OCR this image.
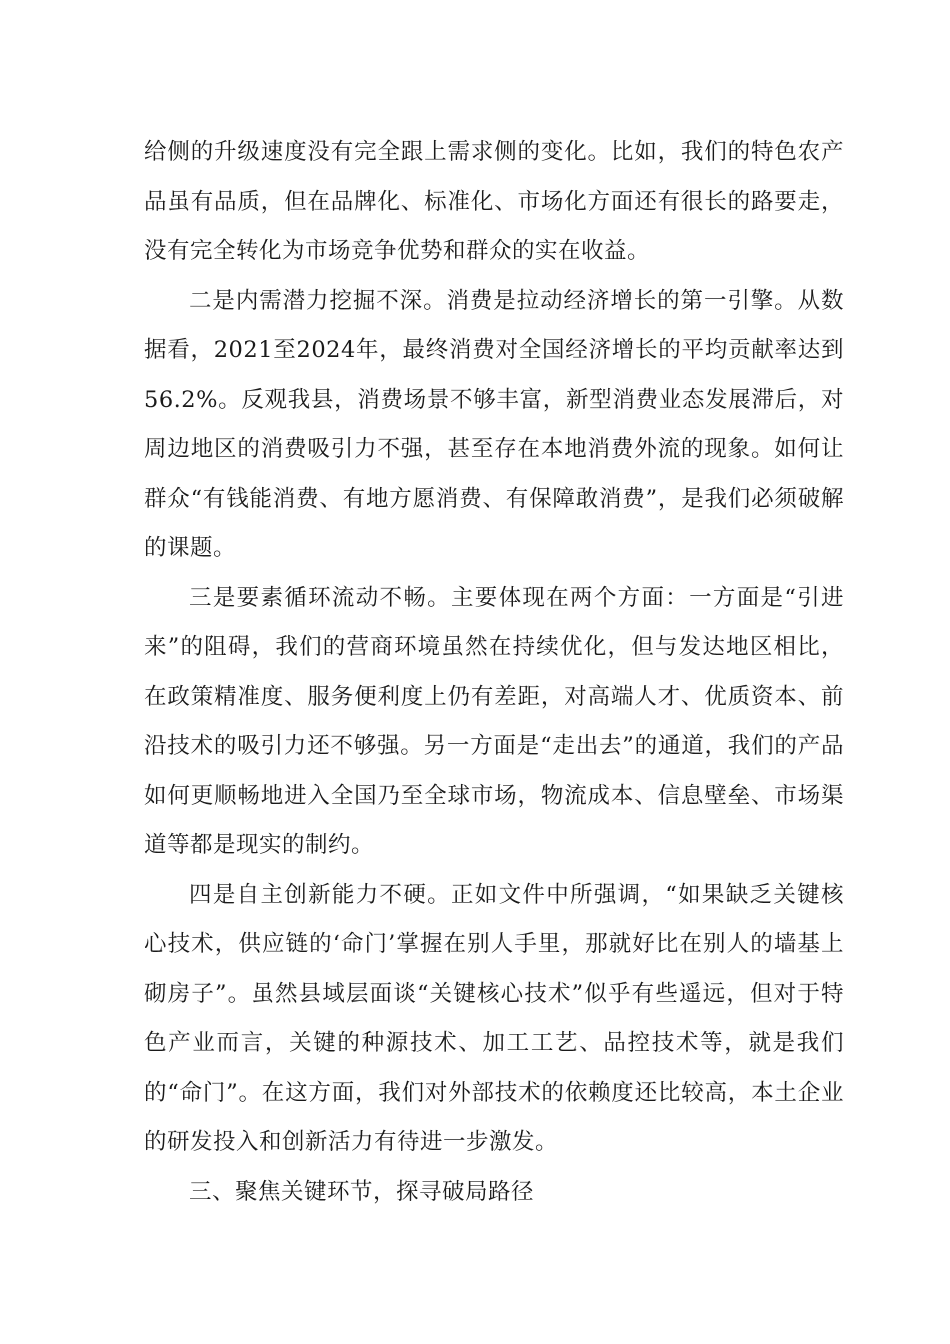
给侧的升级速度没有完全跟上需求侧的变化。比如，我们的特色农产品虽有品质，但在品牌化、标准化、市场化方面还有很长的路要走，没有完全转化为市场竞争优势和群众的实在收益。

二是内需潜力挖掘不深。消费是拉动经济增长的第一引擎。从数据看，2021至2024年，最终消费对全国经济增长的平均贡献率达到56.2%。反观我县，消费场景不够丰富，新型消费业态发展滞后，对周边地区的消费吸引力不强，甚至存在本地消费外流的现象。如何让群众“有钱能消费、有地方愿消费、有保障敢消费”，是我们必须破解的课题。

三是要素循环流动不畅。主要体现在两个方面：一方面是“引进来”的阻碍，我们的营商环境虽然在持续优化，但与发达地区相比，在政策精准度、服务便利度上仍有差距，对高端人才、优质资本、前沿技术的吸引力还不够强。另一方面是“走出去”的通道，我们的产品如何更顺畅地进入全国乃至全球市场，物流成本、信息壁垒、市场渠道等都是现实的制约。

四是自主创新能力不硬。正如文件中所强调，“如果缺乏关键核心技术，供应链的‘命门’掌握在别人手里，那就好比在别人的墙基上砌房子”。虽然县域层面谈“关键核心技术”似乎有些遥远，但对于特色产业而言，关键的种源技术、加工工艺、品控技术等，就是我们的“命门”。在这方面，我们对外部技术的依赖度还比较高，本土企业的研发投入和创新活力有待进一步激发。

三、聚焦关键环节，探寻破局路径
